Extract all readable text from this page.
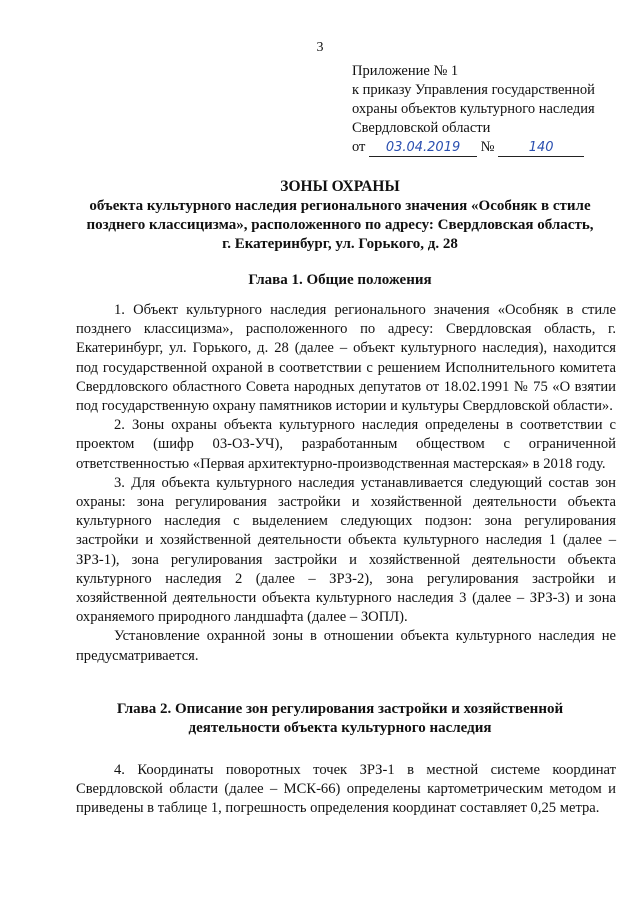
3
Приложение № 1
к приказу Управления государственной
охраны объектов культурного наследия
Свердловской области
от 03.04.2019 №	140
ЗОНЫ ОХРАНЫ
объекта культурного наследия регионального значения «Особняк в стиле
позднего классицизма», расположенного по адресу: Свердловская область,
г. Екатеринбург, ул. Горького, д. 28
Глава 1. Общие положения

1. Объект культурного наследия регионального значения «Особняк в стиле позднего классицизма», расположенного по адресу: Свердловская область, г. Екатеринбург, ул. Горького, д. 28 (далее – объект культурного наследия), находится под государственной охраной в соответствии с решением Исполнительного комитета Свердловского областного Совета народных депутатов от 18.02.1991 № 75 «О взятии под государственную охрану памятников истории и культуры Свердловской области».

2. Зоны охраны объекта культурного наследия определены в соответствии с проектом (шифр 03-ОЗ-УЧ), разработанным обществом с ограниченной ответственностью «Первая архитектурно-производственная мастерская» в 2018 году.

3. Для объекта культурного наследия устанавливается следующий состав зон охраны: зона регулирования застройки и хозяйственной деятельности объекта культурного наследия с выделением следующих подзон: зона регулирования застройки и хозяйственной деятельности объекта культурного наследия 1 (далее – ЗРЗ-1), зона регулирования застройки и хозяйственной деятельности объекта культурного наследия 2 (далее – ЗРЗ-2), зона регулирования застройки и хозяйственной деятельности объекта культурного наследия 3 (далее – ЗРЗ-3) и зона охраняемого природного ландшафта (далее – ЗОПЛ).

Установление охранной зоны в отношении объекта культурного наследия не предусматривается.

Глава 2. Описание зон регулирования застройки и хозяйственной
деятельности объекта культурного наследия

4. Координаты поворотных точек ЗРЗ-1 в местной системе координат Свердловской области (далее – МСК-66) определены картометрическим методом и приведены в таблице 1, погрешность определения координат составляет 0,25 метра.
